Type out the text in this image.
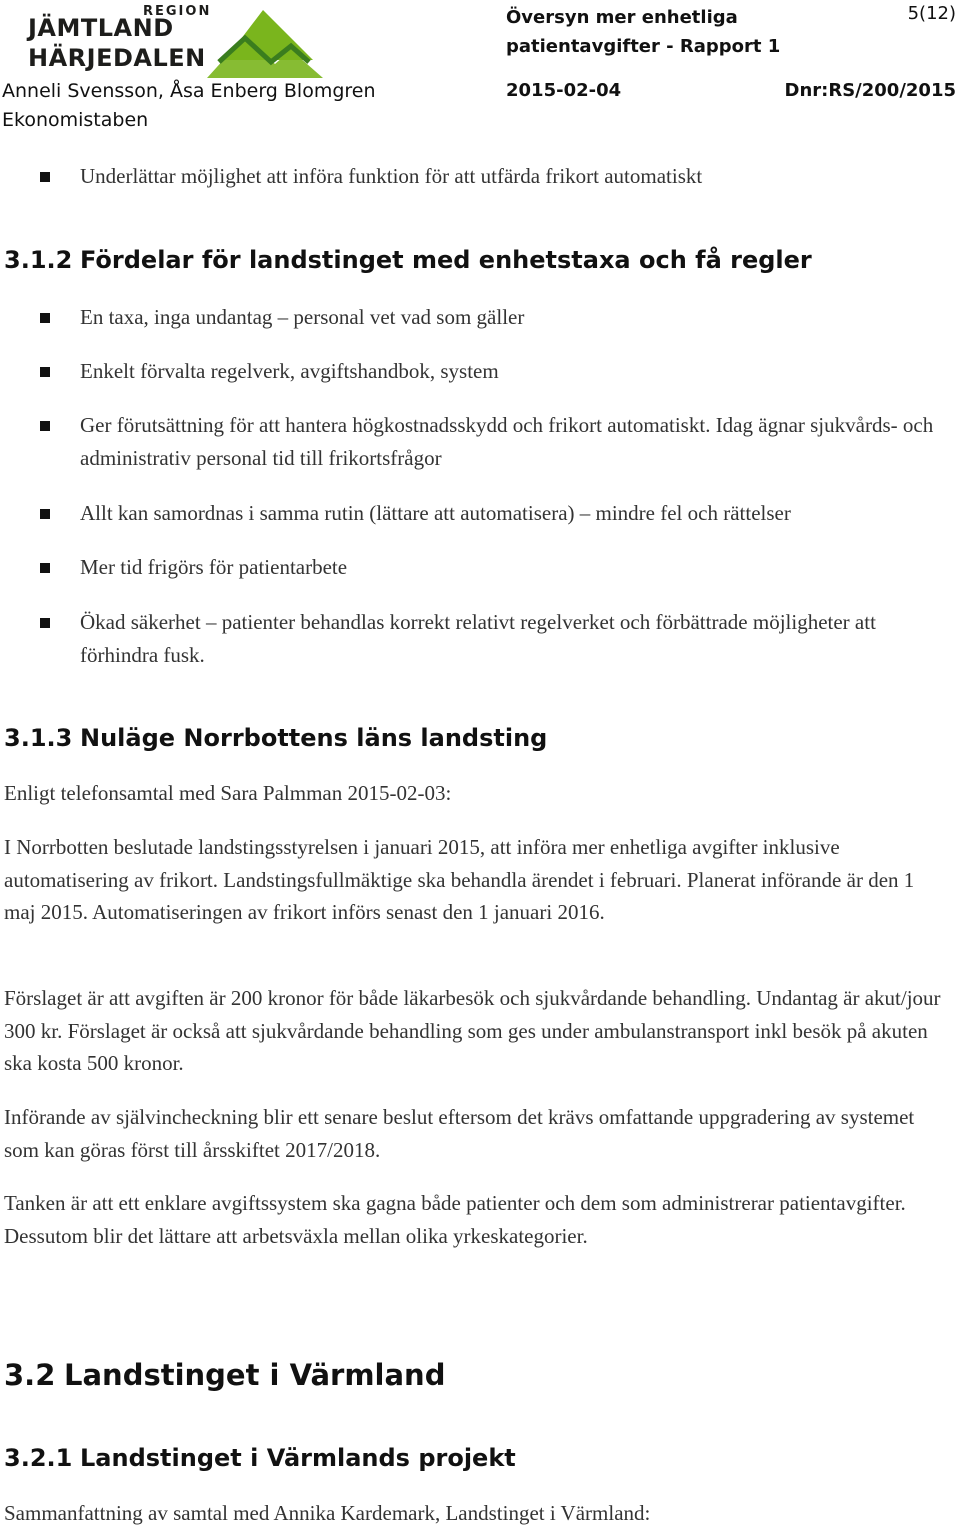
REGION
JÄMTLAND
HÄRJEDALEN
Översyn mer enhetliga
patientavgifter - Rapport 1
5(12)
Anneli Svensson, Åsa Enberg Blomgren
Ekonomistaben
2015-02-04	Dnr:RS/200/2015
Underlättar möjlighet att införa funktion för att utfärda frikort automatiskt
3.1.2 Fördelar för landstinget med enhetstaxa och få regler
En taxa, inga undantag – personal vet vad som gäller
Enkelt förvalta regelverk, avgiftshandbok, system
Ger förutsättning för att hantera högkostnadsskydd och frikort automatiskt. Idag ägnar sjukvårds- och administrativ personal tid till frikortsfrågor
Allt kan samordnas i samma rutin (lättare att automatisera) – mindre fel och rättelser
Mer tid frigörs för patientarbete
Ökad säkerhet – patienter behandlas korrekt relativt regelverket och förbättrade möjligheter att förhindra fusk.
3.1.3 Nuläge Norrbottens läns landsting
Enligt telefonsamtal med Sara Palmman 2015-02-03:
I Norrbotten beslutade landstingsstyrelsen i januari 2015, att införa mer enhetliga avgifter inklusive automatisering av frikort. Landstingsfullmäktige ska behandla ärendet i februari. Planerat införande är den 1 maj 2015. Automatiseringen av frikort införs senast den 1 januari 2016.
Förslaget är att avgiften är 200 kronor för både läkarbesök och sjukvårdande behandling. Undantag är akut/jour 300 kr. Förslaget är också att sjukvårdande behandling som ges under ambulanstransport inkl besök på akuten ska kosta 500 kronor.
Införande av självincheckning blir ett senare beslut eftersom det krävs omfattande uppgradering av systemet som kan göras först till årsskiftet 2017/2018.
Tanken är att ett enklare avgiftssystem ska gagna både patienter och dem som administrerar patientavgifter. Dessutom blir det lättare att arbetsväxla mellan olika yrkeskategorier.
3.2 Landstinget i Värmland
3.2.1 Landstinget i Värmlands projekt
Sammanfattning av samtal med Annika Kardemark, Landstinget i Värmland:
